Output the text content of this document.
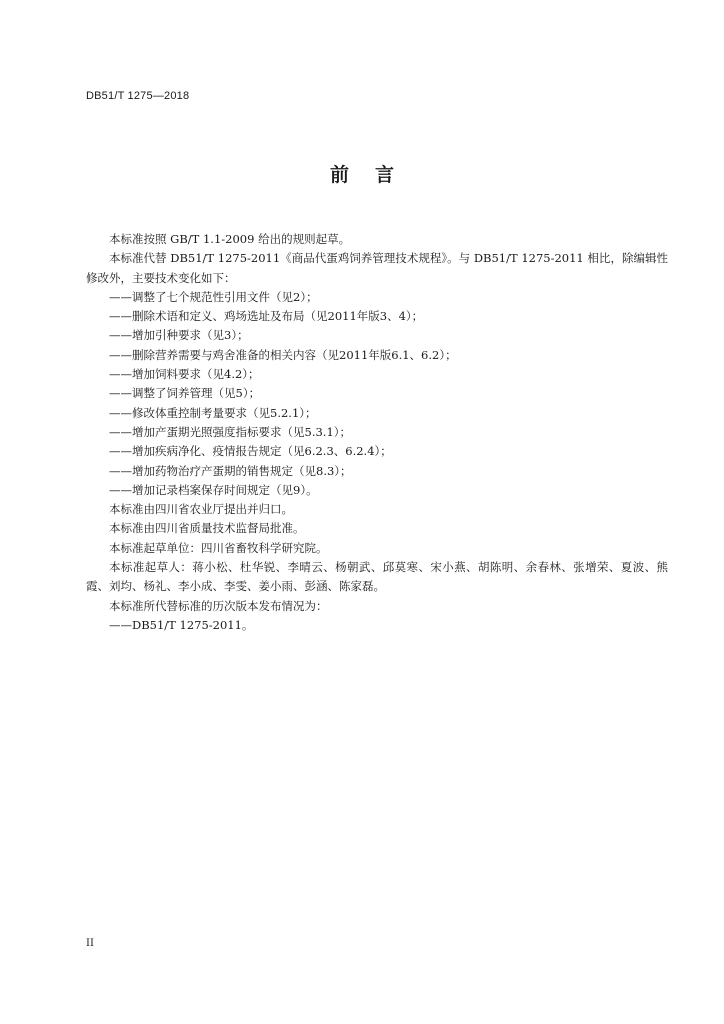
DB51/T 1275—2018
前言

本标准按照 GB/T 1.1-2009 给出的规则起草。

本标准代替 DB51/T 1275-2011《商品代蛋鸡饲养管理技术规程》。与 DB51/T 1275-2011 相比，除编辑性修改外，主要技术变化如下：

——调整了七个规范性引用文件（见2）；

——删除术语和定义、鸡场选址及布局（见2011年版3、4）；

——增加引种要求（见3）；

——删除营养需要与鸡舍准备的相关内容（见2011年版6.1、6.2）；

——增加饲料要求（见4.2）；

——调整了饲养管理（见5）；

——修改体重控制考量要求（见5.2.1）；

——增加产蛋期光照强度指标要求（见5.3.1）；

——增加疾病净化、疫情报告规定（见6.2.3、6.2.4）；

——增加药物治疗产蛋期的销售规定（见8.3）；

——增加记录档案保存时间规定（见9）。

本标准由四川省农业厅提出并归口。

本标准由四川省质量技术监督局批准。

本标准起草单位：四川省畜牧科学研究院。

本标准起草人：蒋小松、杜华锐、李晴云、杨朝武、邱莫寒、宋小燕、胡陈明、余春林、张增荣、夏波、熊霞、刘均、杨礼、李小成、李雯、姜小雨、彭涵、陈家磊。

本标准所代替标准的历次版本发布情况为：

——DB51/T 1275-2011。

II
